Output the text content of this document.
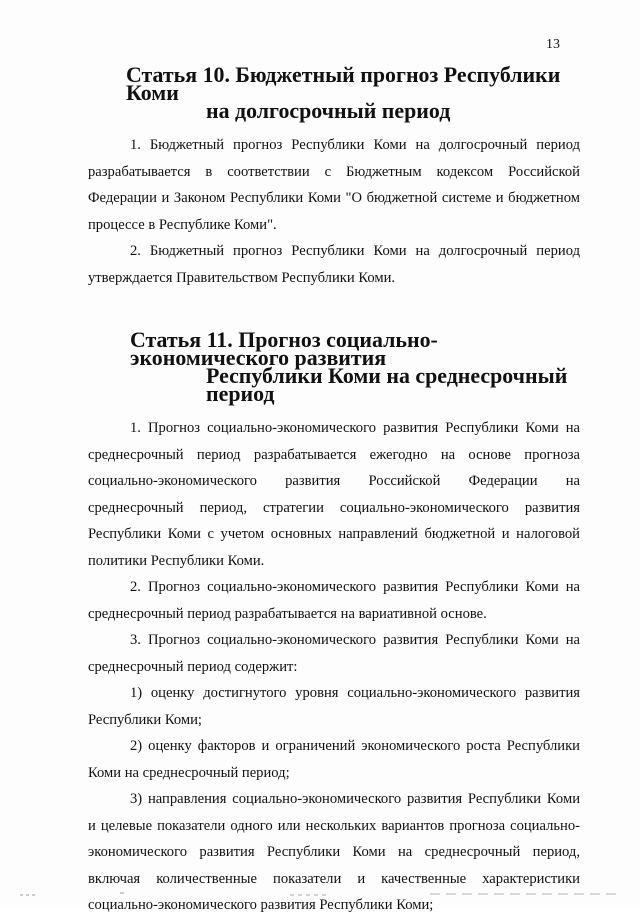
13
Статья 10. Бюджетный прогноз Республики Коми
на долгосрочный период

1. Бюджетный прогноз Республики Коми на долгосрочный период разрабатывается в соответствии с Бюджетным кодексом Российской Федерации и Законом Республики Коми "О бюджетной системе и бюджетном процессе в Республике Коми".

2. Бюджетный прогноз Республики Коми на долгосрочный период утверждается Правительством Республики Коми.

Статья 11. Прогноз социально-экономического развития
Республики Коми на среднесрочный период

1. Прогноз социально-экономического развития Республики Коми на среднесрочный период разрабатывается ежегодно на основе прогноза социально-экономического развития Российской Федерации на среднесрочный период, стратегии социально-экономического развития Республики Коми с учетом основных направлений бюджетной и налоговой политики Республики Коми.

2. Прогноз социально-экономического развития Республики Коми на среднесрочный период разрабатывается на вариативной основе.

3. Прогноз социально-экономического развития Республики Коми на среднесрочный период содержит:

1) оценку достигнутого уровня социально-экономического развития Республики Коми;

2) оценку факторов и ограничений экономического роста Республики Коми на среднесрочный период;

3) направления социально-экономического развития Республики Коми и целевые показатели одного или нескольких вариантов прогноза социально-экономического развития Республики Коми на среднесрочный период, включая количественные показатели и качественные характеристики социально-экономического развития Республики Коми;
